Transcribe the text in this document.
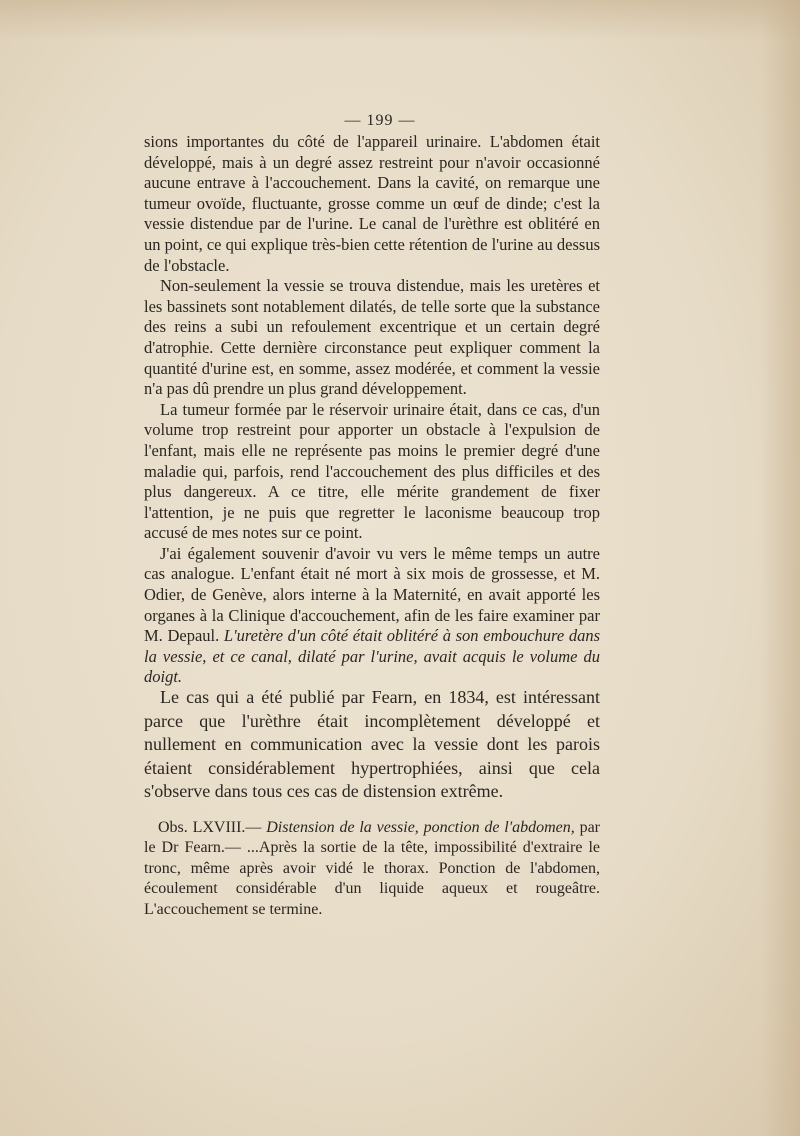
— 199 —

sions importantes du côté de l'appareil urinaire. L'abdomen était développé, mais à un degré assez restreint pour n'avoir occasionné aucune entrave à l'accouchement. Dans la cavité, on remarque une tumeur ovoïde, fluctuante, grosse comme un œuf de dinde; c'est la vessie distendue par de l'urine. Le canal de l'urèthre est oblitéré en un point, ce qui explique très-bien cette rétention de l'urine au dessus de l'obstacle.

Non-seulement la vessie se trouva distendue, mais les uretères et les bassinets sont notablement dilatés, de telle sorte que la substance des reins a subi un refoulement excentrique et un certain degré d'atrophie. Cette dernière circonstance peut expliquer comment la quantité d'urine est, en somme, assez modérée, et comment la vessie n'a pas dû prendre un plus grand développement.

La tumeur formée par le réservoir urinaire était, dans ce cas, d'un volume trop restreint pour apporter un obstacle à l'expulsion de l'enfant, mais elle ne représente pas moins le premier degré d'une maladie qui, parfois, rend l'accouchement des plus difficiles et des plus dangereux. A ce titre, elle mérite grandement de fixer l'attention, je ne puis que regretter le laconisme beaucoup trop accusé de mes notes sur ce point.

J'ai également souvenir d'avoir vu vers le même temps un autre cas analogue. L'enfant était né mort à six mois de grossesse, et M. Odier, de Genève, alors interne à la Maternité, en avait apporté les organes à la Clinique d'accouchement, afin de les faire examiner par M. Depaul. L'uretère d'un côté était oblitéré à son embouchure dans la vessie, et ce canal, dilaté par l'urine, avait acquis le volume du doigt.

Le cas qui a été publié par Fearn, en 1834, est intéressant parce que l'urèthre était incomplètement développé et nullement en communication avec la vessie dont les parois étaient considérablement hypertrophiées, ainsi que cela s'observe dans tous ces cas de distension extrême.

Obs. LXVIII.— Distension de la vessie, ponction de l'abdomen, par le Dr Fearn.— ...Après la sortie de la tête, impossibilité d'extraire le tronc, même après avoir vidé le thorax. Ponction de l'abdomen, écoulement considérable d'un liquide aqueux et rougeâtre. L'accouchement se termine.
